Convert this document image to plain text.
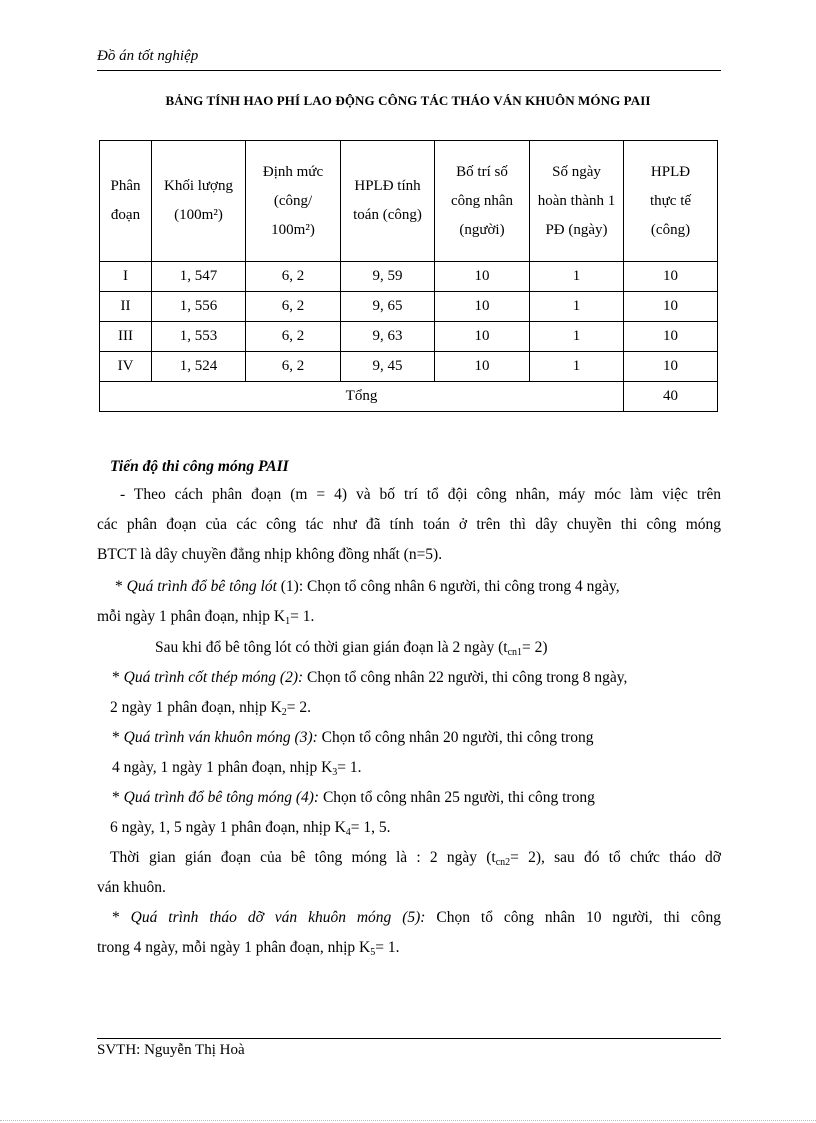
Đồ án tốt nghiệp
BẢNG TÍNH HAO PHÍ LAO ĐỘNG CÔNG TÁC THÁO VÁN KHUÔN MÓNG PAII
Phân đoạn	Khối lượng (100m²)	Định mức (công/ 100m²)	HPLĐ tính toán (công)	Bố trí số công nhân (người)	Số ngày hoàn thành 1 PĐ (ngày)	HPLĐ thực tế (công)

I	1, 547	6, 2	9, 59	10	1	10
II	1, 556	6, 2	9, 65	10	1	10
III	1, 553	6, 2	9, 63	10	1	10
IV	1, 524	6, 2	9, 45	10	1	10
Tổng						40
Tiến độ thi công móng PAII
- Theo cách phân đoạn (m = 4) và bố trí tổ đội công nhân, máy móc làm việc trên
các phân đoạn của các công tác như đã tính toán ở trên thì dây chuyền thi công móng
BTCT là dây chuyền đẳng nhịp không đồng nhất (n=5).
* Quá trình đổ bê tông lót (1): Chọn tổ công nhân 6 người, thi công trong 4 ngày,
mỗi ngày 1 phân đoạn, nhịp $K_1= 1$.
Sau khi đổ bê tông lót có thời gian gián đoạn là 2 ngày $(t_{cn1}= 2)$
* Quá trình cốt thép móng (2): Chọn tổ công nhân 22 người, thi công trong 8 ngày,
2 ngày 1 phân đoạn, nhịp $K_2= 2$.
* Quá trình ván khuôn móng (3): Chọn tổ công nhân 20 người, thi công trong
4 ngày, 1 ngày 1 phân đoạn, nhịp $K_3= 1$.
* Quá trình đổ bê tông móng (4): Chọn tổ công nhân 25 người, thi công trong
6 ngày, 1, 5 ngày 1 phân đoạn, nhịp $K_4= 1$, 5.
Thời gian gián đoạn của bê tông móng là : 2 ngày $(t_{cn2}= 2)$, sau đó tổ chức tháo dỡ
ván khuôn.
* Quá trình tháo dỡ ván khuôn móng (5): Chọn tổ công nhân 10 người, thi công
trong 4 ngày, mỗi ngày 1 phân đoạn, nhịp $K_5= 1$.
SVTH: Nguyễn Thị Hoà
